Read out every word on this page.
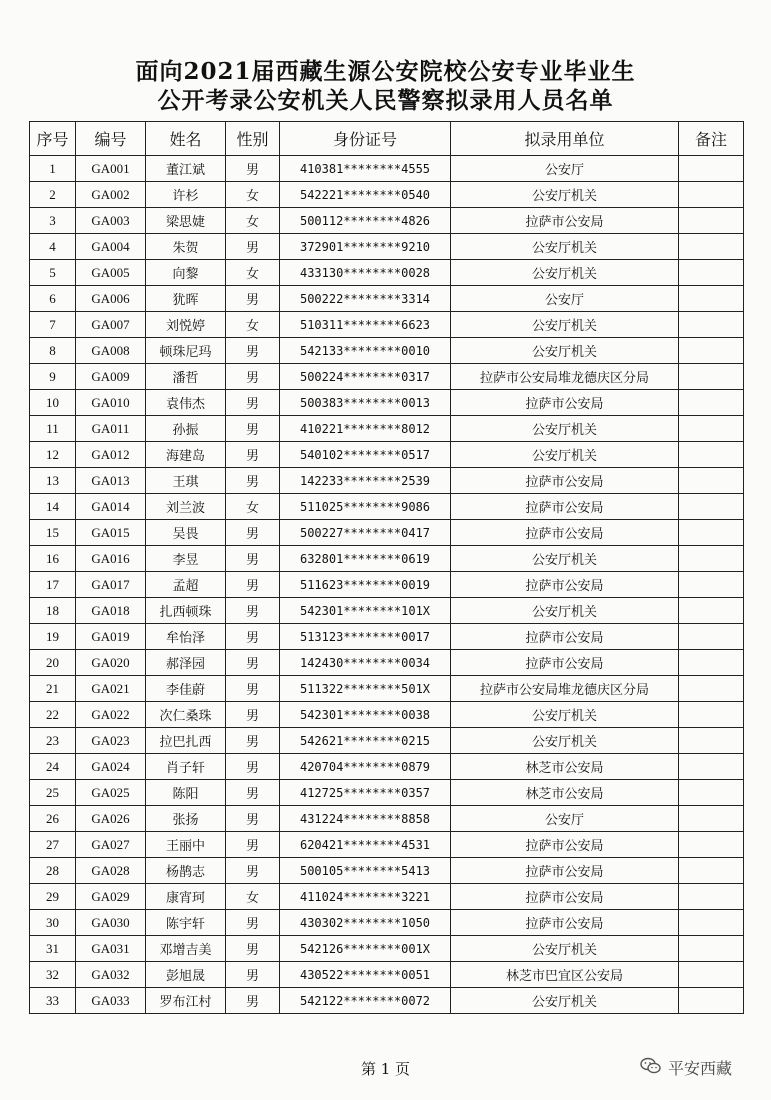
面向2021届西藏生源公安院校公安专业毕业生
公开考录公安机关人民警察拟录用人员名单
序号	编号	姓名	性别	身份证号	拟录用单位	备注
1	GA001	董江斌	男	410381********4555	公安厅	
2	GA002	许杉	女	542221********0540	公安厅机关	
3	GA003	梁思婕	女	500112********4826	拉萨市公安局	
4	GA004	朱贺	男	372901********9210	公安厅机关	
5	GA005	向黎	女	433130********0028	公安厅机关	
6	GA006	犹晖	男	500222********3314	公安厅	
7	GA007	刘悦婷	女	510311********6623	公安厅机关	
8	GA008	顿珠尼玛	男	542133********0010	公安厅机关	
9	GA009	潘哲	男	500224********0317	拉萨市公安局堆龙德庆区分局	
10	GA010	袁伟杰	男	500383********0013	拉萨市公安局	
11	GA011	孙振	男	410221********8012	公安厅机关	
12	GA012	海建岛	男	540102********0517	公安厅机关	
13	GA013	王琪	男	142233********2539	拉萨市公安局	
14	GA014	刘兰波	女	511025********9086	拉萨市公安局	
15	GA015	吴畏	男	500227********0417	拉萨市公安局	
16	GA016	李昱	男	632801********0619	公安厅机关	
17	GA017	孟超	男	511623********0019	拉萨市公安局	
18	GA018	扎西顿珠	男	542301********101X	公安厅机关	
19	GA019	牟怡泽	男	513123********0017	拉萨市公安局	
20	GA020	郝泽园	男	142430********0034	拉萨市公安局	
21	GA021	李佳蔚	男	511322********501X	拉萨市公安局堆龙德庆区分局	
22	GA022	次仁桑珠	男	542301********0038	公安厅机关	
23	GA023	拉巴扎西	男	542621********0215	公安厅机关	
24	GA024	肖子轩	男	420704********0879	林芝市公安局	
25	GA025	陈阳	男	412725********0357	林芝市公安局	
26	GA026	张扬	男	431224********8858	公安厅	
27	GA027	王丽中	男	620421********4531	拉萨市公安局	
28	GA028	杨鹊志	男	500105********5413	拉萨市公安局	
29	GA029	康宵珂	女	411024********3221	拉萨市公安局	
30	GA030	陈宇轩	男	430302********1050	拉萨市公安局	
31	GA031	邓增吉美	男	542126********001X	公安厅机关	
32	GA032	彭旭晟	男	430522********0051	林芝市巴宜区公安局	
33	GA033	罗布江村	男	542122********0072	公安厅机关	
第 1 页	平安西藏
